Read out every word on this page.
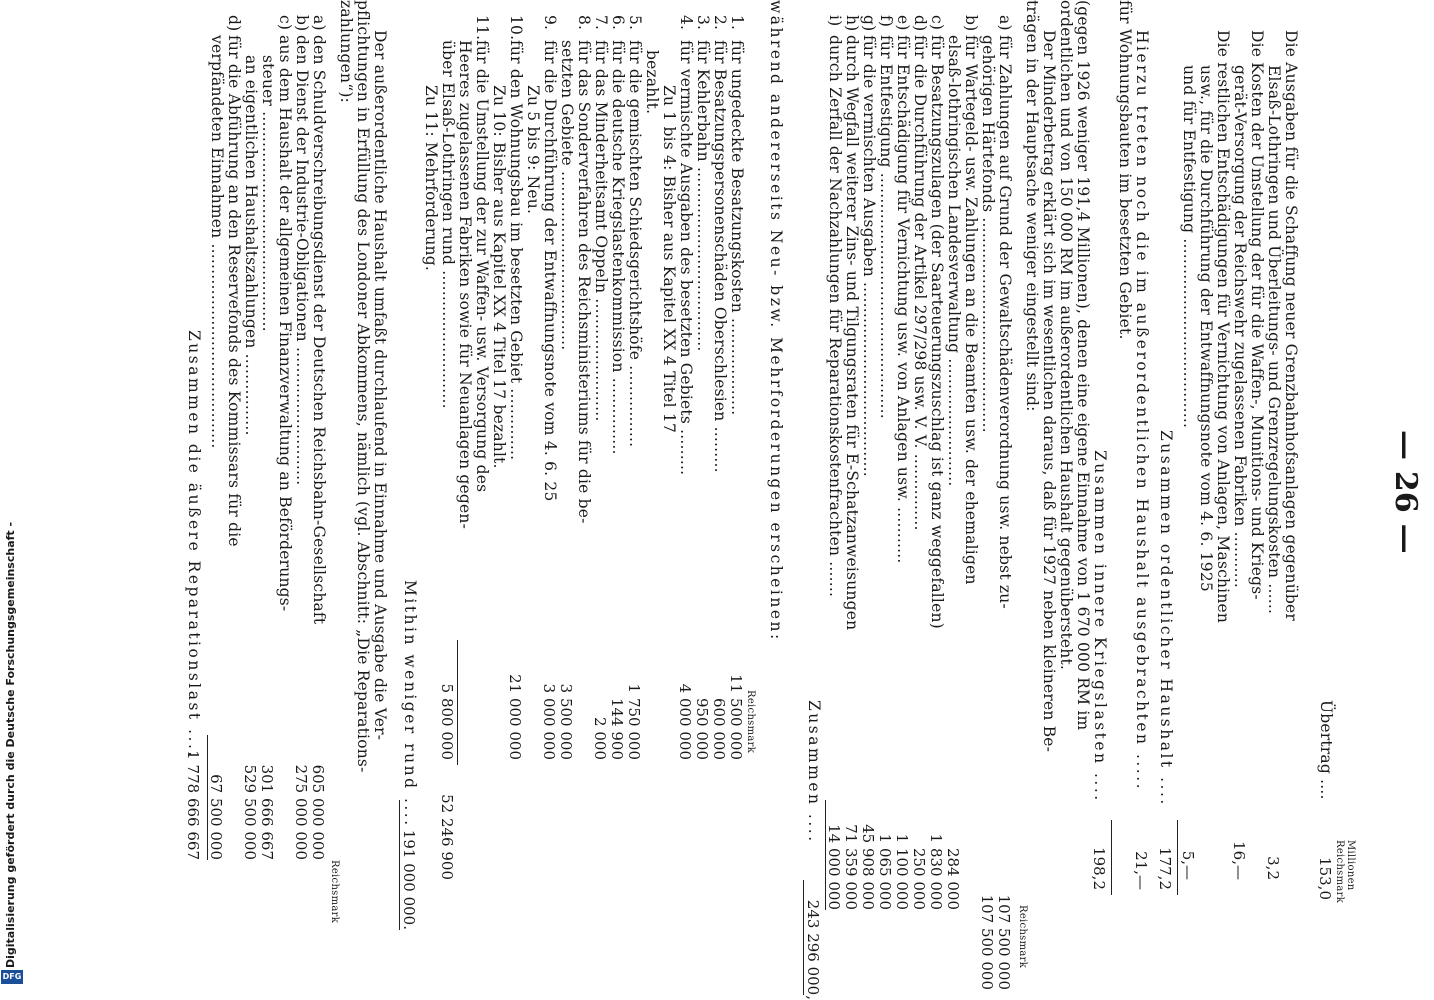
— 26 —
Millionen
Reichsmark
Übertrag ....
153,0
Die Ausgaben für die Schaffung neuer Grenzbahnhofsanlagen gegenüber
Elsaß-Lothringen und Überleitungs- und Grenzregelungskosten ......
3,2
Die Kosten der Umstellung der für die Waffen-, Munitions- und Kriegs-
gerät-Versorgung der Reichswehr zugelassenen Fabriken ...........
16,—
Die restlichen Entschädigungen für Vernichtung von Anlagen, Maschinen
usw., für die Durchführung der Entwaffnungsnote vom 4. 6. 1925
und für Entfestigung .....................................
5,—
Zusammen ordentlicher Haushalt ....
177,2
Hierzu treten noch die im außerordentlichen Haushalt ausgebrachten .....
21,—
für Wohnungsbauten im besetzten Gebiet.
Zusammen innere Kriegslasten ....
198,2
(gegen 1926 weniger 191,4 Millionen), denen eine eigene Einnahme von 1 670 000 RM im
ordentlichen und von 150 000 RM im außerordentlichen Haushalt gegenübersteht.
Der Minderbetrag erklärt sich im wesentlichen daraus, daß für 1927 neben kleineren Be-
trägen in der Hauptsache weniger eingestellt sind:
Reichsmark
a)
für Zahlungen auf Grund der Gewaltschädenverordnung usw. nebst zu-
107 500 000
gehörigen Härtefonds ..........................................
107 500 000
b)
für Wartegeld- usw. Zahlungen an die Beamten usw. der ehemaligen
elsaß-lothringischen Landesverwaltung .........................
284 000
c)
für Besatzungszulagen (der Saarteuerungszuschlag ist ganz weggefallen)
1 830 000
d)
für die Durchführung der Artikel 297/298 usw. V. V. ...............
250 000
e)
für Entschädigung für Vernichtung usw. von Anlagen usw. ...........
1 100 000
f)
für Entfestigung ................................................
1 065 000
g)
für die vermischten Ausgaben ......................................
45 908 000
h)
durch Wegfall weiterer Zins- und Tilgungsraten für E-Schatzanweisungen
71 359 000
i)
durch Zerfall der Nachzahlungen für Reparationskostenfrachten .......
14 000 000
Zusammen ....
243 296 000,
während andererseits Neu- bzw. Mehrforderungen erscheinen:
Reichsmark
1.
für ungedeckte Besatzungskosten ...................
11 500 000
2.
für Besatzungspersonenschäden Oberschlesien .........
600 000
3.
für Kehlerbahn ....................................
950 000
4.
für vermischte Ausgaben des besetzten Gebiets .........
Zu 1 bis 4: Bisher aus Kapitel XX 4 Titel 17
bezahlt.
4 000 000
5.
für die gemischten Schiedsgerichtshöfe ................
1 750 000
6.
für die deutsche Kriegslastenkommission ...............
144 900
7.
für das Minderheitsamt Oppeln ........................
2 000
8.
für das Sonderverfahren des Reichsministeriums für die be-
setzten Gebiete ...................................
3 500 000
9.
für die Durchführung der Entwaffnungsnote vom 4. 6. 25
Zu 5 bis 9: Neu.
3 000 000
10.
für den Wohnungsbau im besetzten Gebiet ..............
Zu 10: Bisher aus Kapitel XX 4 Titel 17 bezahlt.
21 000 000
11.
für die Umstellung der zur Waffen- usw. Versorgung des
Heeres zugelassenen Fabriken sowie für Neuanlagen gegen-
über Elsaß-Lothringen rund ...........................
Zu 11: Mehrforderung.
5 800 000
52 246 900
Mithin weniger rund ....
191 000 000.
Der außerordentliche Haushalt umfaßt durchlaufend in Einnahme und Ausgabe die Ver-
pflichtungen in Erfüllung des Londoner Abkommens, nämlich (vgl. Abschnitt: „Die Reparations-
zahlungen“):
Reichsmark
a)
den Schuldverschreibungsdienst der Deutschen Reichsbahn-Gesellschaft
605 000 000
b)
den Dienst der Industrie-Obligationen ...........................
275 000 000
c)
aus dem Haushalt der allgemeinen Finanzverwaltung an Beförderungs-
steuer ...........................................
301 666 667
an eigentlichen Haushaltszahlungen ................
529 500 000
d)
für die Abführung an den Reservefonds des Kommissars für die
verpfändeten Einnahmen ........................................
67 500 000
Zusammen die äußere Reparationslast ....
1 778 666 667
Digitalisierung gefördert durch die Deutsche Forschungsgemeinschaft -
DFG
